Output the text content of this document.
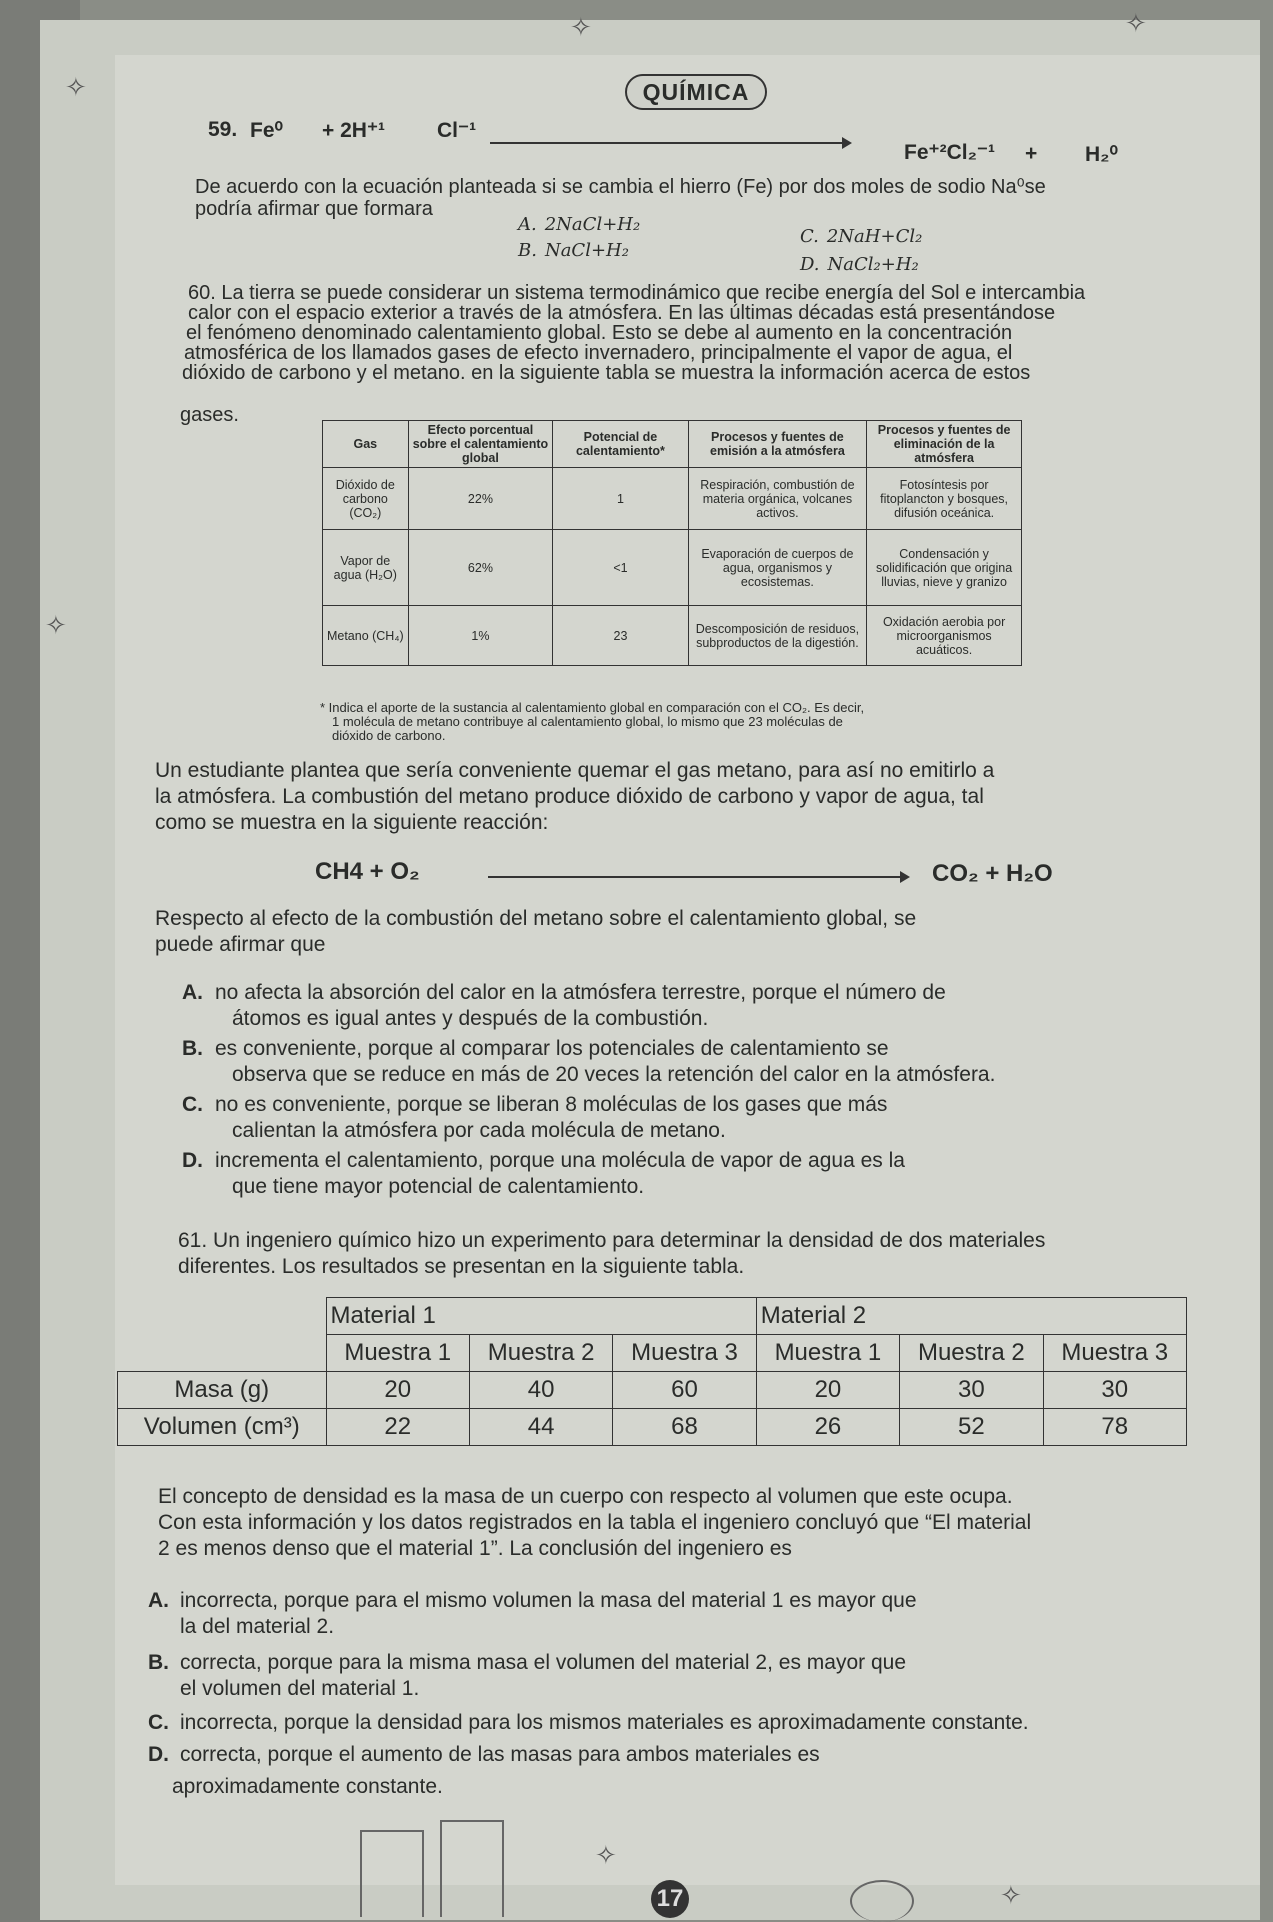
✧	✧
✧
✧
QUÍMICA
59. Fe⁰ + 2H⁺¹ Cl⁻¹
Fe⁺²Cl₂⁻¹ + H₂⁰
De acuerdo con la ecuación planteada si se cambia el hierro (Fe) por dos moles de sodio Na⁰se
podría afirmar que formara
A. 2NaCl+H₂
B. NaCl+H₂
C. 2NaH+Cl₂
D. NaCl₂+H₂
60. La tierra se puede considerar un sistema termodinámico que recibe energía del Sol e intercambia
calor con el espacio exterior a través de la atmósfera. En las últimas décadas está presentándose
el fenómeno denominado calentamiento global. Esto se debe al aumento en la concentración
atmosférica de los llamados gases de efecto invernadero, principalmente el vapor de agua, el
gases.
Gas	Efecto porcentual sobre el calentamiento global	Potencial de calentamiento*	Procesos y fuentes de emisión a la atmósfera	Procesos y fuentes de eliminación de la atmósfera
Dióxido de carbono (CO₂)	22%	1	Respiración, combustión de materia orgánica, volcanes activos.	Fotosíntesis por fitoplancton y bosques, difusión oceánica.
Vapor de agua (H₂O)	62%	<1	Evaporación de cuerpos de agua, organismos y ecosistemas.	Condensación y solidificación que origina lluvias, nieve y granizo
Metano (CH₄)	1%	23	Descomposición de residuos, subproductos de la digestión.	Oxidación aerobia por microorganismos acuáticos.
* Indica el aporte de la sustancia al calentamiento global en comparación con el CO₂. Es decir,
1 molécula de metano contribuye al calentamiento global, lo mismo que 23 moléculas de
dióxido de carbono.
Un estudiante plantea que sería conveniente quemar el gas metano, para así no emitirlo a
la atmósfera. La combustión del metano produce dióxido de carbono y vapor de agua, tal
como se muestra en la siguiente reacción:
CH4 + O₂	CO₂ + H₂O
Respecto al efecto de la combustión del metano sobre el calentamiento global, se
puede afirmar que
A. no afecta la absorción del calor en la atmósfera terrestre, porque el número de
átomos es igual antes y después de la combustión.
B. es conveniente, porque al comparar los potenciales de calentamiento se
observa que se reduce en más de 20 veces la retención del calor en la atmósfera.
C. no es conveniente, porque se liberan 8 moléculas de los gases que más
calientan la atmósfera por cada molécula de metano.
D. incrementa el calentamiento, porque una molécula de vapor de agua es la
que tiene mayor potencial de calentamiento.
61. Un ingeniero químico hizo un experimento para determinar la densidad de dos materiales
diferentes. Los resultados se presentan en la siguiente tabla.
	Material 1			Material 2		
	Muestra 1	Muestra 2	Muestra 3	Muestra 1	Muestra 2	Muestra 3
Masa (g)	20	40	60	20	30	30
Volumen (cm³)	22	44	68	26	52	78
El concepto de densidad es la masa de un cuerpo con respecto al volumen que este ocupa.
Con esta información y los datos registrados en la tabla el ingeniero concluyó que “El material
2 es menos denso que el material 1”. La conclusión del ingeniero es
A. incorrecta, porque para el mismo volumen la masa del material 1 es mayor que
la del material 2.
B. correcta, porque para la misma masa el volumen del material 2, es mayor que
el volumen del material 1.
C. incorrecta, porque la densidad para los mismos materiales es aproximadamente constante.
D. correcta, porque el aumento de las masas para ambos materiales es
aproximadamente constante.
✧
✧
17
